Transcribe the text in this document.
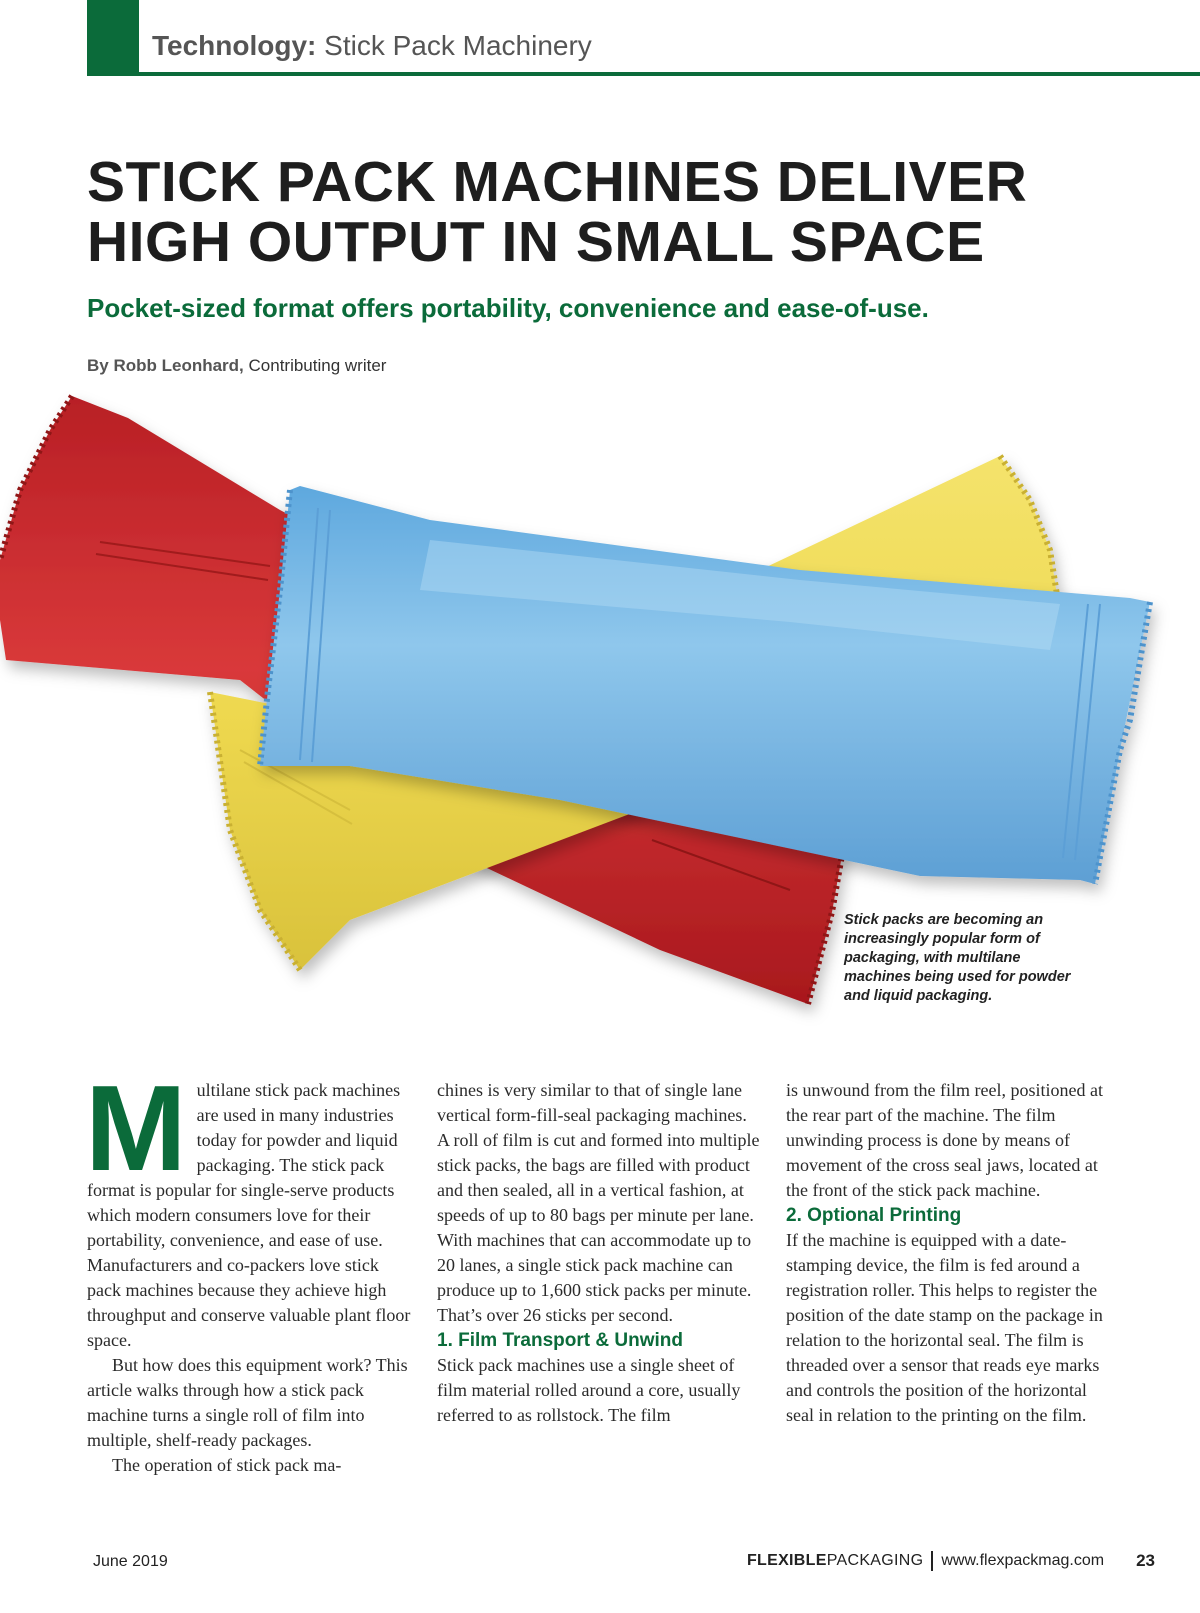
Technology: Stick Pack Machinery
STICK PACK MACHINES DELIVER
HIGH OUTPUT IN SMALL SPACE
Pocket-sized format offers portability, convenience and ease-of-use.
By Robb Leonhard, Contributing writer
Stick packs are becoming an increasingly popular form of packaging, with multilane machines being used for powder and liquid packaging.

Multilane stick pack machines are used in many industries today for powder and liquid packaging. The stick pack format is popular for single-serve products which modern consumers love for their portability, convenience, and ease of use. Manufacturers and co-packers love stick pack machines because they achieve high throughput and conserve valuable plant floor space.

But how does this equipment work? This article walks through how a stick pack machine turns a single roll of film into multiple, shelf-ready packages.

The operation of stick pack ma-

chines is very similar to that of single lane vertical form-fill-seal packaging machines. A roll of film is cut and formed into multiple stick packs, the bags are filled with product and then sealed, all in a vertical fashion, at speeds of up to 80 bags per minute per lane. With machines that can accommodate up to 20 lanes, a single stick pack machine can produce up to 1,600 stick packs per minute. That’s over 26 sticks per second.

1. Film Transport & Unwind

Stick pack machines use a single sheet of film material rolled around a core, usually referred to as rollstock. The film

is unwound from the film reel, positioned at the rear part of the machine. The film unwinding process is done by means of movement of the cross seal jaws, located at the front of the stick pack machine.

2. Optional Printing

If the machine is equipped with a date-stamping device, the film is fed around a registration roller. This helps to register the position of the date stamp on the package in relation to the horizontal seal. The film is threaded over a sensor that reads eye marks and controls the position of the horizontal seal in relation to the printing on the film.

June 2019	FLEXIBLE PACKAGING www.flexpackmag.com 23
